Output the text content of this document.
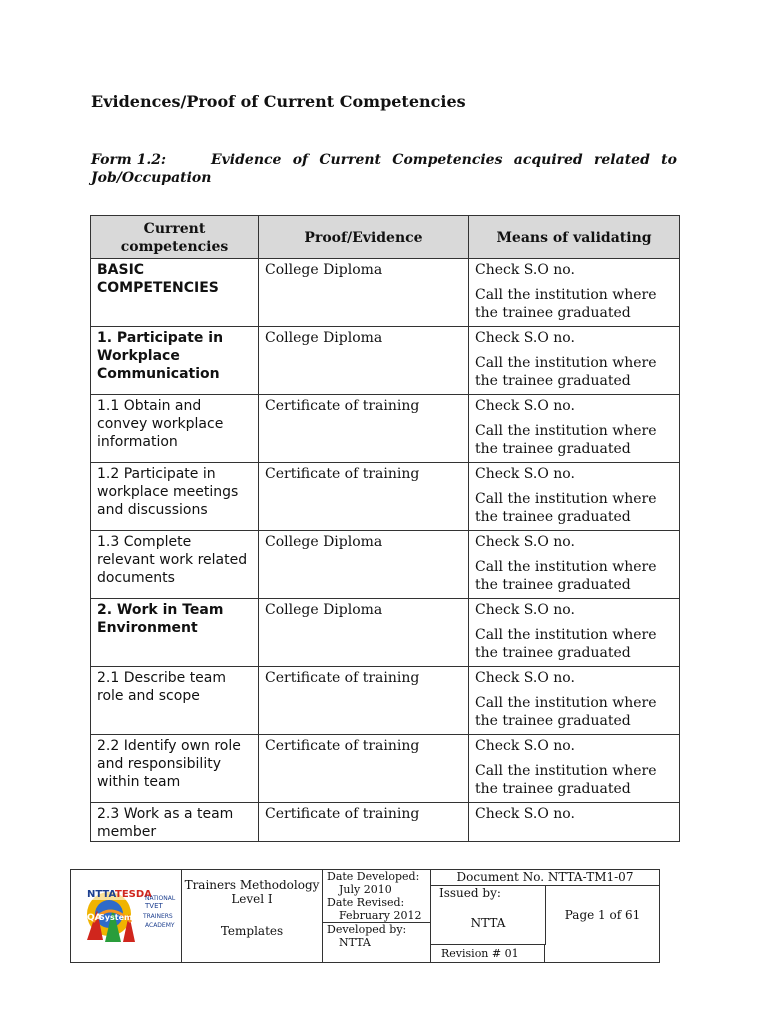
Evidences/Proof of Current Competencies
Form 1.2:	Evidence of Current Competencies acquired related to
Job/Occupation
Current competencies	Proof/Evidence	Means of validating
BASIC COMPETENCIES	College Diploma	Check S.O no.
Call the institution where the trainee graduated

1. Participate in Workplace Communication	College Diploma	Check S.O no.
Call the institution where the trainee graduated

1.1 Obtain and convey workplace information	Certificate of training	Check S.O no.
Call the institution where the trainee graduated

1.2 Participate in workplace meetings and discussions	Certificate of training	Check S.O no.
Call the institution where the trainee graduated

1.3 Complete relevant work related documents	College Diploma	Check S.O no.
Call the institution where the trainee graduated

2. Work in Team Environment	College Diploma	Check S.O no.
Call the institution where the trainee graduated

2.1 Describe team role and scope	Certificate of training	Check S.O no.
Call the institution where the trainee graduated

2.2 Identify own role and responsibility within team	Certificate of training	Check S.O no.
Call the institution where the trainee graduated

2.3 Work as a team member	Certificate of training	Check S.O no.
NTTA
TESDA
QA
System
NATIONAL
TVET
TRAINERS
ACADEMY
Trainers Methodology Level I
Templates
Date Developed:
July 2010
Date Revised:
February 2012
Developed by:
NTTA
Document No. NTTA-TM1-07
Issued by:
NTTA
Page 1 of 61
Revision # 01
